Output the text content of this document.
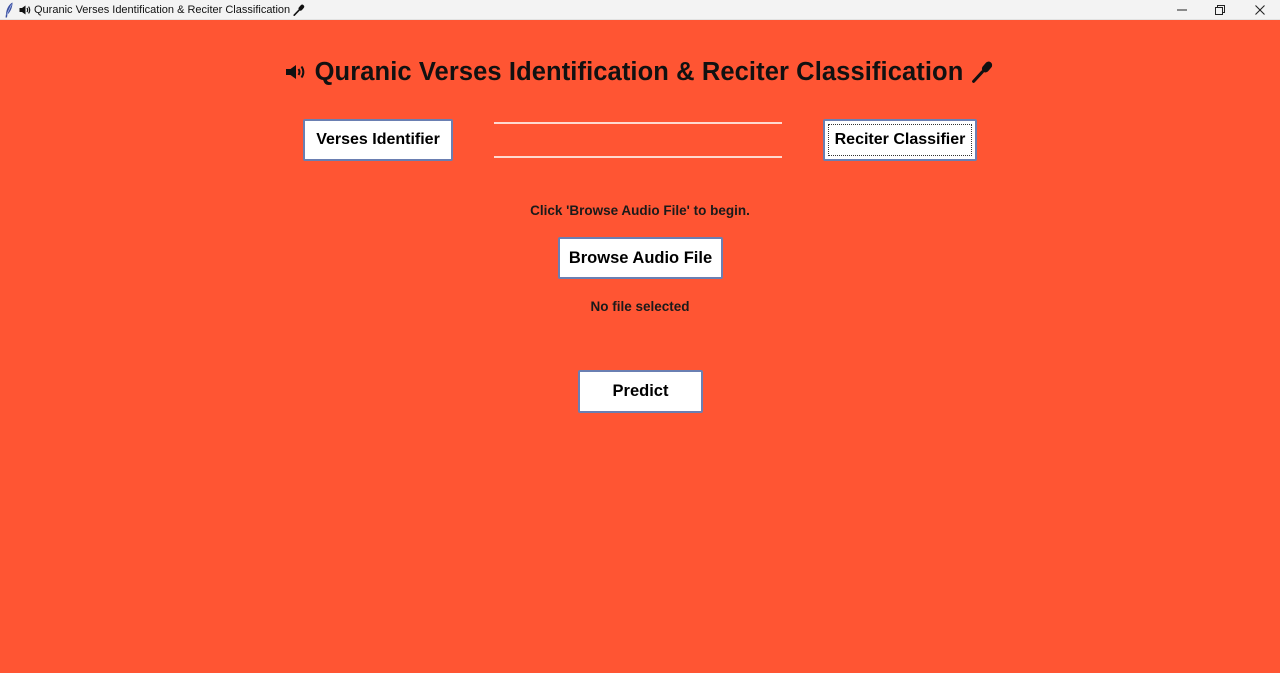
Quranic Verses Identification & Reciter Classification
Quranic Verses Identification & Reciter Classification
Verses Identifier	Reciter Classifier
Click 'Browse Audio File' to begin.
Browse Audio File
No file selected
Predict
